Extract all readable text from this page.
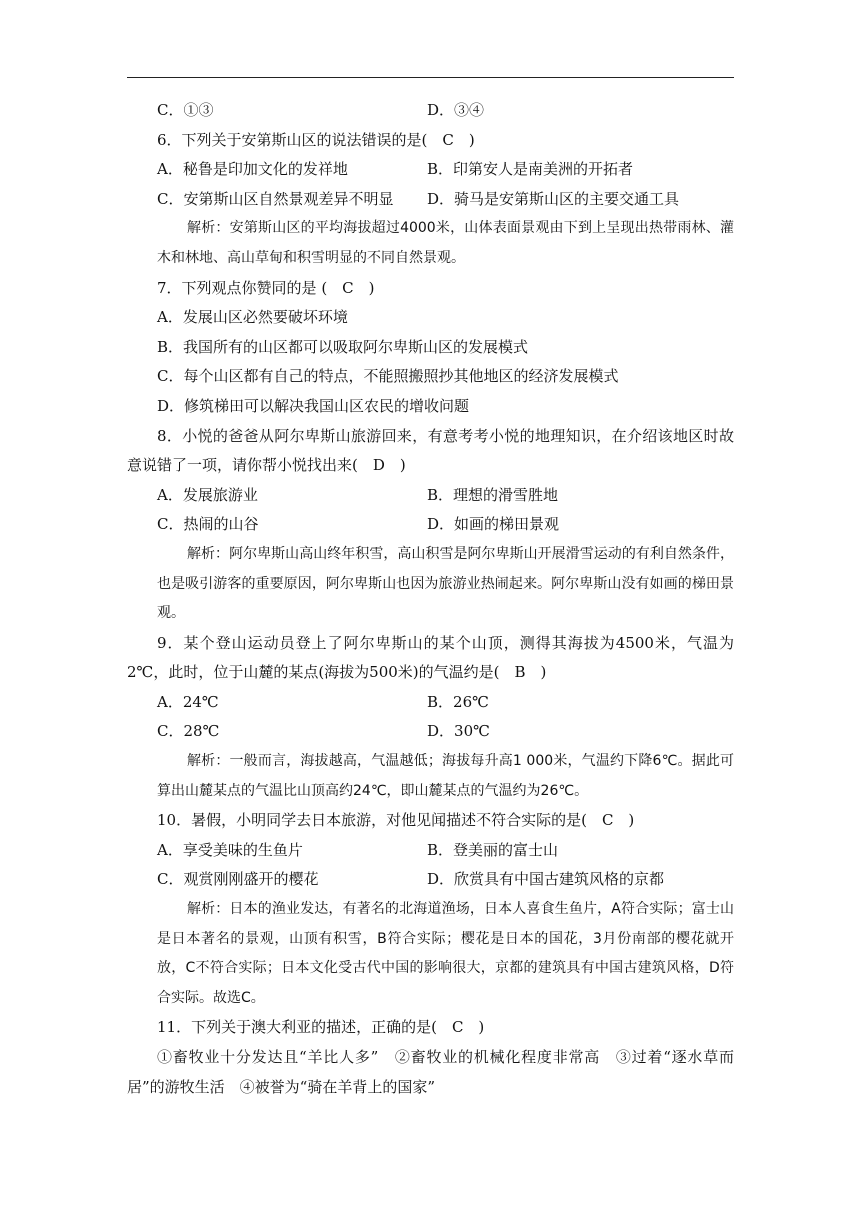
C．①③	D．③④
6．下列关于安第斯山区的说法错误的是(　C　)
A．秘鲁是印加文化的发祥地	B．印第安人是南美洲的开拓者
C．安第斯山区自然景观差异不明显	D．骑马是安第斯山区的主要交通工具
解析：安第斯山区的平均海拔超过4000米，山体表面景观由下到上呈现出热带雨林、灌木和林地、高山草甸和积雪明显的不同自然景观。
7．下列观点你赞同的是 (　C　)
A．发展山区必然要破坏环境
B．我国所有的山区都可以吸取阿尔卑斯山区的发展模式
C．每个山区都有自己的特点，不能照搬照抄其他地区的经济发展模式
D．修筑梯田可以解决我国山区农民的增收问题
8．小悦的爸爸从阿尔卑斯山旅游回来，有意考考小悦的地理知识，在介绍该地区时故意说错了一项，请你帮小悦找出来(　D　)
A．发展旅游业	B．理想的滑雪胜地
C．热闹的山谷	D．如画的梯田景观
解析：阿尔卑斯山高山终年积雪，高山积雪是阿尔卑斯山开展滑雪运动的有利自然条件，也是吸引游客的重要原因，阿尔卑斯山也因为旅游业热闹起来。阿尔卑斯山没有如画的梯田景观。
9．某个登山运动员登上了阿尔卑斯山的某个山顶，测得其海拔为4500米，气温为2℃，此时，位于山麓的某点(海拔为500米)的气温约是(　B　)
A．24℃	B．26℃
C．28℃	D．30℃
解析：一般而言，海拔越高，气温越低；海拔每升高1 000米，气温约下降6℃。据此可算出山麓某点的气温比山顶高约24℃，即山麓某点的气温约为26℃。
10．暑假，小明同学去日本旅游，对他见闻描述不符合实际的是(　C　)
A．享受美味的生鱼片	B．登美丽的富士山
C．观赏刚刚盛开的樱花	D．欣赏具有中国古建筑风格的京都
解析：日本的渔业发达，有著名的北海道渔场，日本人喜食生鱼片，A符合实际；富士山是日本著名的景观，山顶有积雪，B符合实际；樱花是日本的国花，3月份南部的樱花就开放，C不符合实际；日本文化受古代中国的影响很大，京都的建筑具有中国古建筑风格，D符合实际。故选C。
11．下列关于澳大利亚的描述，正确的是(　C　)
①畜牧业十分发达且“羊比人多”　②畜牧业的机械化程度非常高　③过着“逐水草而居”的游牧生活　④被誉为“骑在羊背上的国家”
